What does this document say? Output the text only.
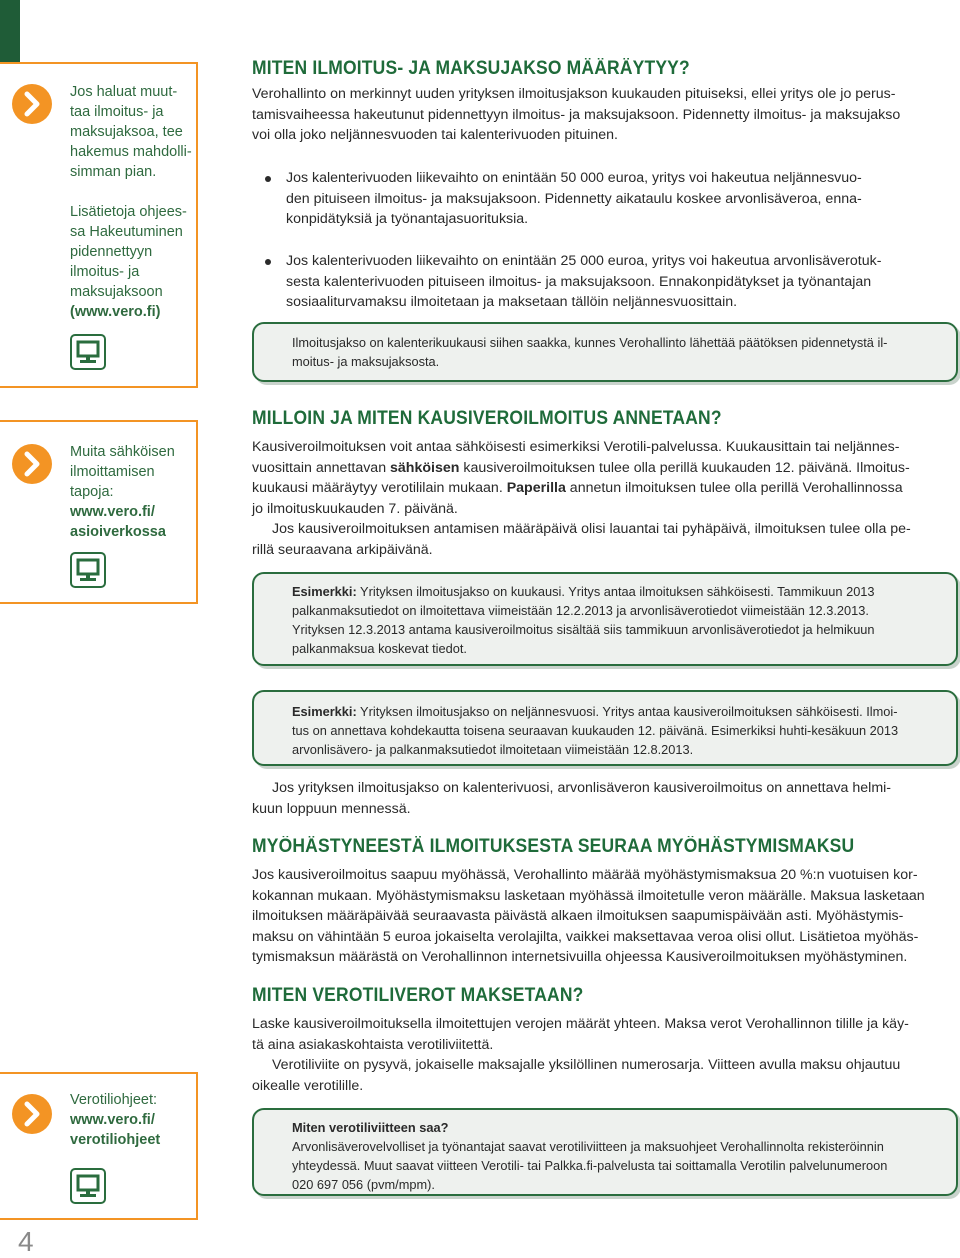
Jos haluat muut-
taa ilmoitus- ja
maksujaksoa, tee
hakemus mahdolli-
simman pian.
Lisätietoja ohjees-
sa Hakeutuminen
pidennettyyn
ilmoitus- ja
maksujaksoon
(www.vero.fi)
Muita sähköisen
ilmoittamisen
tapoja:
www.vero.fi/
asioiverkossa
Verotiliohjeet:
www.vero.fi/
verotiliohjeet
4
MITEN ILMOITUS- JA MAKSUJAKSO MÄÄRÄYTYY?
Verohallinto on merkinnyt uuden yrityksen ilmoitusjakson kuukauden pituiseksi, ellei yritys ole jo perus-
tamisvaiheessa hakeutunut pidennettyyn ilmoitus- ja maksujaksoon. Pidennetty ilmoitus- ja maksujakso
voi olla joko neljännesvuoden tai kalenterivuoden pituinen.
Jos kalenterivuoden liikevaihto on enintään 50 000 euroa, yritys voi hakeutua neljännesvuo-
den pituiseen ilmoitus- ja maksujaksoon. Pidennetty aikataulu koskee arvonlisäveroa, enna-
konpidätyksiä ja työnantajasuorituksia.
Jos kalenterivuoden liikevaihto on enintään 25 000 euroa, yritys voi hakeutua arvonlisäverotuk-
sesta kalenterivuoden pituiseen ilmoitus- ja maksujaksoon. Ennakonpidätykset ja työnantajan
sosiaaliturvamaksu ilmoitetaan ja maksetaan tällöin neljännesvuosittain.
Ilmoitusjakso on kalenterikuukausi siihen saakka, kunnes Verohallinto lähettää päätöksen pidennetystä il-
moitus- ja maksujaksosta.
MILLOIN JA MITEN KAUSIVEROILMOITUS ANNETAAN?
Kausiveroilmoituksen voit antaa sähköisesti esimerkiksi Verotili-palvelussa. Kuukausittain tai neljännes-
vuosittain annettavan sähköisen kausiveroilmoituksen tulee olla perillä kuukauden 12. päivänä. Ilmoitus-
kuukausi määräytyy verotililain mukaan. Paperilla annetun ilmoituksen tulee olla perillä Verohallinnossa
jo ilmoituskuukauden 7. päivänä.
Jos kausiveroilmoituksen antamisen määräpäivä olisi lauantai tai pyhäpäivä, ilmoituksen tulee olla pe-
rillä seuraavana arkipäivänä.
Esimerkki: Yrityksen ilmoitusjakso on kuukausi. Yritys antaa ilmoituksen sähköisesti. Tammikuun 2013
palkanmaksutiedot on ilmoitettava viimeistään 12.2.2013 ja arvonlisäverotiedot viimeistään 12.3.2013.
Yrityksen 12.3.2013 antama kausiveroilmoitus sisältää siis tammikuun arvonlisäverotiedot ja helmikuun
palkanmaksua koskevat tiedot.
Esimerkki: Yrityksen ilmoitusjakso on neljännesvuosi. Yritys antaa kausiveroilmoituksen sähköisesti. Ilmoi-
tus on annettava kohdekautta toisena seuraavan kuukauden 12. päivänä. Esimerkiksi huhti-kesäkuun 2013
arvonlisävero- ja palkanmaksutiedot ilmoitetaan viimeistään 12.8.2013.
Jos yrityksen ilmoitusjakso on kalenterivuosi, arvonlisäveron kausiveroilmoitus on annettava helmi-
kuun loppuun mennessä.
MYÖHÄSTYNEESTÄ ILMOITUKSESTA SEURAA MYÖHÄSTYMISMAKSU
Jos kausiveroilmoitus saapuu myöhässä, Verohallinto määrää myöhästymismaksua 20 %:n vuotuisen kor-
kokannan mukaan. Myöhästymismaksu lasketaan myöhässä ilmoitetulle veron määrälle. Maksua lasketaan
ilmoituksen määräpäivää seuraavasta päivästä alkaen ilmoituksen saapumispäivään asti. Myöhästymis-
maksu on vähintään 5 euroa jokaiselta verolajilta, vaikkei maksettavaa veroa olisi ollut. Lisätietoa myöhäs-
tymismaksun määrästä on Verohallinnon internetsivuilla ohjeessa Kausiveroilmoituksen myöhästyminen.
MITEN VEROTILIVEROT MAKSETAAN?
Laske kausiveroilmoituksella ilmoitettujen verojen määrät yhteen. Maksa verot Verohallinnon tilille ja käy-
tä aina asiakaskohtaista verotiliviitettä.
Verotiliviite on pysyvä, jokaiselle maksajalle yksilöllinen numerosarja. Viitteen avulla maksu ohjautuu
oikealle verotilille.
Miten verotiliviitteen saa?
Arvonlisäverovelvolliset ja työnantajat saavat verotiliviitteen ja maksuohjeet Verohallinnolta rekisteröinnin
yhteydessä. Muut saavat viitteen Verotili- tai Palkka.fi-palvelusta tai soittamalla Verotilin palvelunumeroon
020 697 056 (pvm/mpm).
